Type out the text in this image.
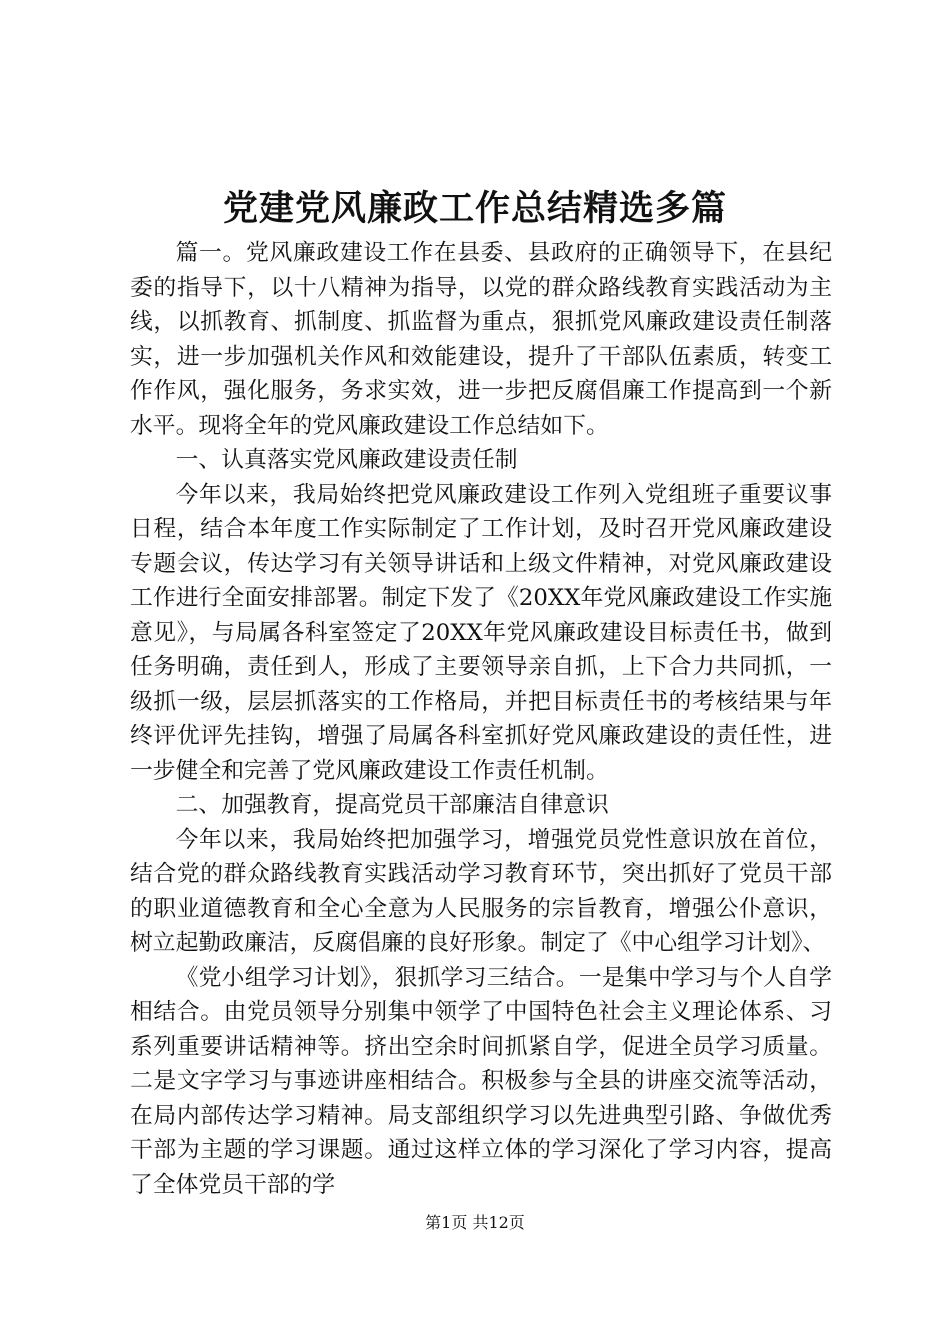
党建党风廉政工作总结精选多篇

篇一。党风廉政建设工作在县委、县政府的正确领导下，在县纪委的指导下，以十八精神为指导，以党的群众路线教育实践活动为主线，以抓教育、抓制度、抓监督为重点，狠抓党风廉政建设责任制落实，进一步加强机关作风和效能建设，提升了干部队伍素质，转变工作作风，强化服务，务求实效，进一步把反腐倡廉工作提高到一个新水平。现将全年的党风廉政建设工作总结如下。

一、认真落实党风廉政建设责任制

今年以来，我局始终把党风廉政建设工作列入党组班子重要议事日程，结合本年度工作实际制定了工作计划，及时召开党风廉政建设专题会议，传达学习有关领导讲话和上级文件精神，对党风廉政建设工作进行全面安排部署。制定下发了《20XX年党风廉政建设工作实施意见》，与局属各科室签定了20XX年党风廉政建设目标责任书，做到任务明确，责任到人，形成了主要领导亲自抓，上下合力共同抓，一级抓一级，层层抓落实的工作格局，并把目标责任书的考核结果与年终评优评先挂钩，增强了局属各科室抓好党风廉政建设的责任性，进一步健全和完善了党风廉政建设工作责任机制。

二、加强教育，提高党员干部廉洁自律意识

今年以来，我局始终把加强学习，增强党员党性意识放在首位，结合党的群众路线教育实践活动学习教育环节，突出抓好了党员干部的职业道德教育和全心全意为人民服务的宗旨教育，增强公仆意识，树立起勤政廉洁，反腐倡廉的良好形象。制定了《中心组学习计划》、

《党小组学习计划》，狠抓学习三结合。一是集中学习与个人自学相结合。由党员领导分别集中领学了中国特色社会主义理论体系、习系列重要讲话精神等。挤出空余时间抓紧自学，促进全员学习质量。二是文字学习与事迹讲座相结合。积极参与全县的讲座交流等活动，在局内部传达学习精神。局支部组织学习以先进典型引路、争做优秀干部为主题的学习课题。通过这样立体的学习深化了学习内容，提高了全体党员干部的学

第1页 共12页
